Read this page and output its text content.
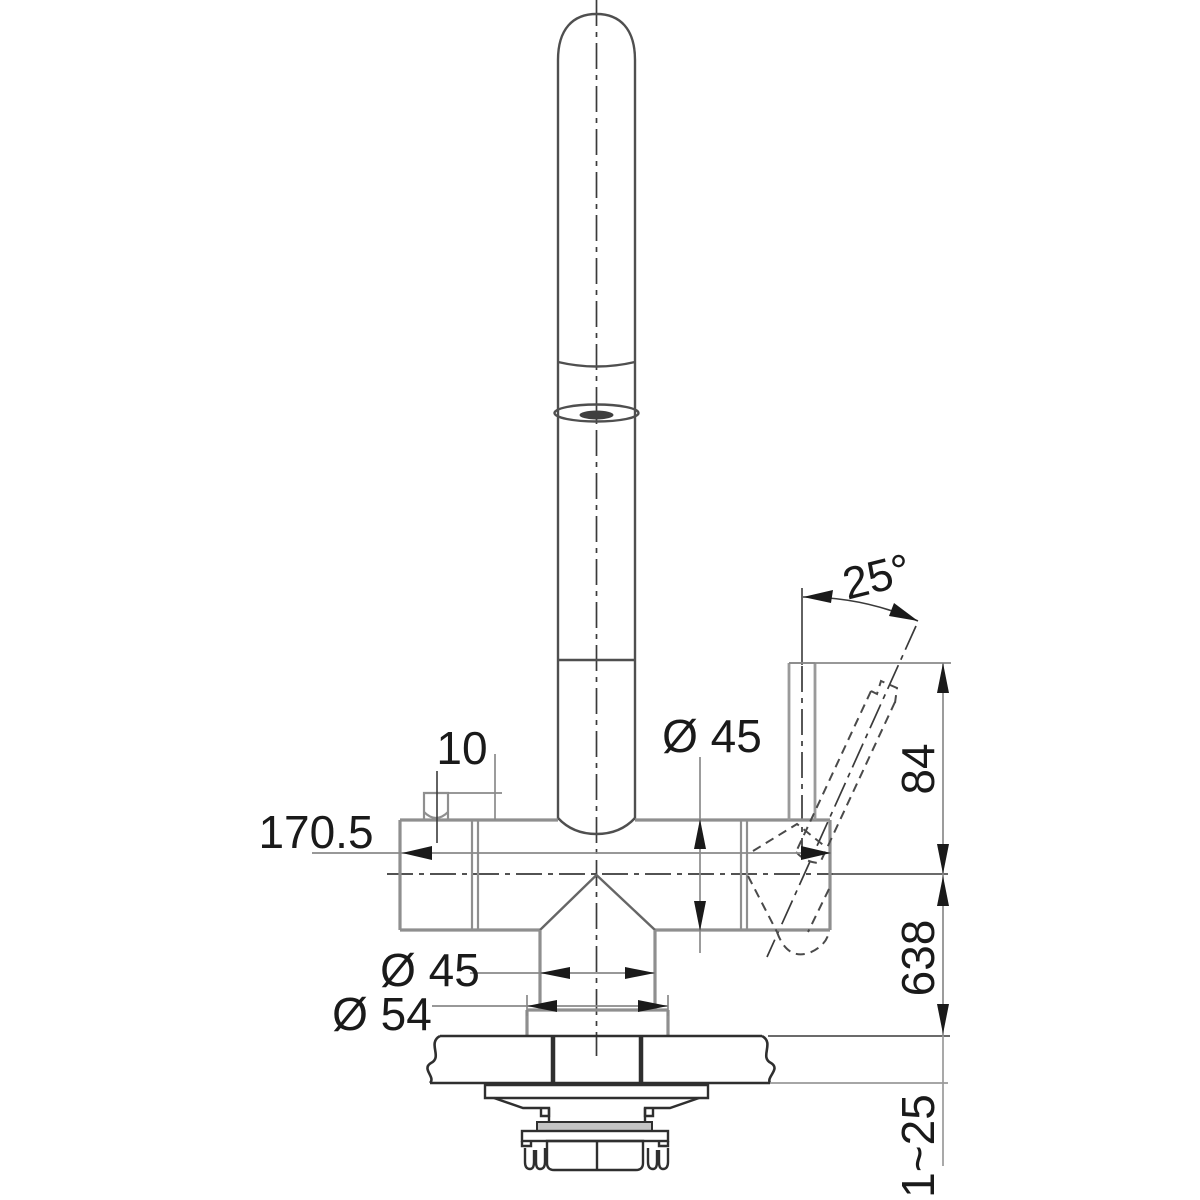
25°
Ø 45
10
170.5
84
638
1~25
Ø 45
Ø 54
